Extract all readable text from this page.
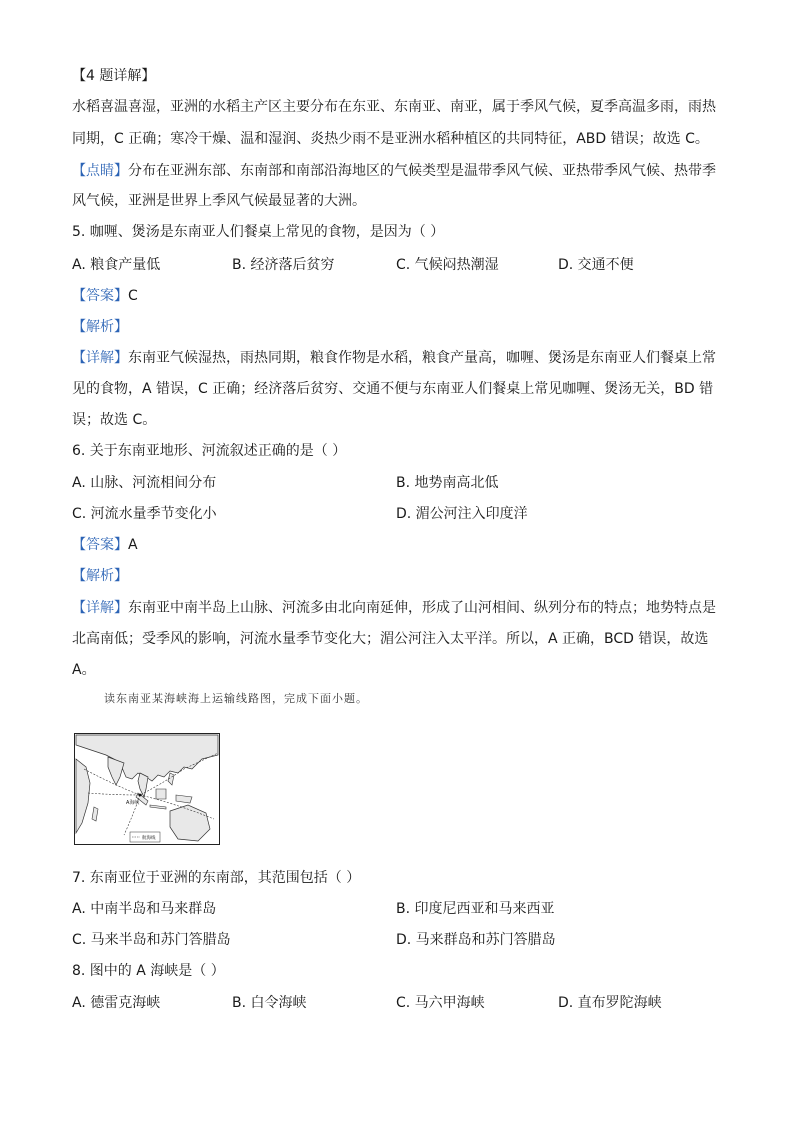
【4 题详解】
水稻喜温喜湿，亚洲的水稻主产区主要分布在东亚、东南亚、南亚，属于季风气候，夏季高温多雨，雨热
同期，C 正确；寒冷干燥、温和湿润、炎热少雨不是亚洲水稻种植区的共同特征，ABD 错误；故选 C。
【点睛】分布在亚洲东部、东南部和南部沿海地区的气候类型是温带季风气候、亚热带季风气候、热带季
风气候，亚洲是世界上季风气候最显著的大洲。
5. 咖喱、煲汤是东南亚人们餐桌上常见的食物，是因为（ ）
A. 粮食产量低	B. 经济落后贫穷	C. 气候闷热潮湿	D. 交通不便
【答案】C
【解析】
【详解】东南亚气候湿热，雨热同期，粮食作物是水稻，粮食产量高，咖喱、煲汤是东南亚人们餐桌上常
见的食物，A 错误，C 正确；经济落后贫穷、交通不便与东南亚人们餐桌上常见咖喱、煲汤无关，BD 错
误；故选 C。
6. 关于东南亚地形、河流叙述正确的是（ ）
A. 山脉、河流相间分布	B. 地势南高北低
C. 河流水量季节变化小	D. 湄公河注入印度洋
【答案】A
【解析】
【详解】东南亚中南半岛上山脉、河流多由北向南延伸，形成了山河相间、纵列分布的特点；地势特点是
北高南低；受季风的影响，河流水量季节变化大；湄公河注入太平洋。所以，A 正确，BCD 错误，故选
A。
读东南亚某海峡海上运输线路图，完成下面小题。
A海峡
航海线
7. 东南亚位于亚洲的东南部，其范围包括（ ）
A. 中南半岛和马来群岛	B. 印度尼西亚和马来西亚
C. 马来半岛和苏门答腊岛	D. 马来群岛和苏门答腊岛
8. 图中的 A 海峡是（ ）
A. 德雷克海峡	B. 白令海峡	C. 马六甲海峡	D. 直布罗陀海峡
